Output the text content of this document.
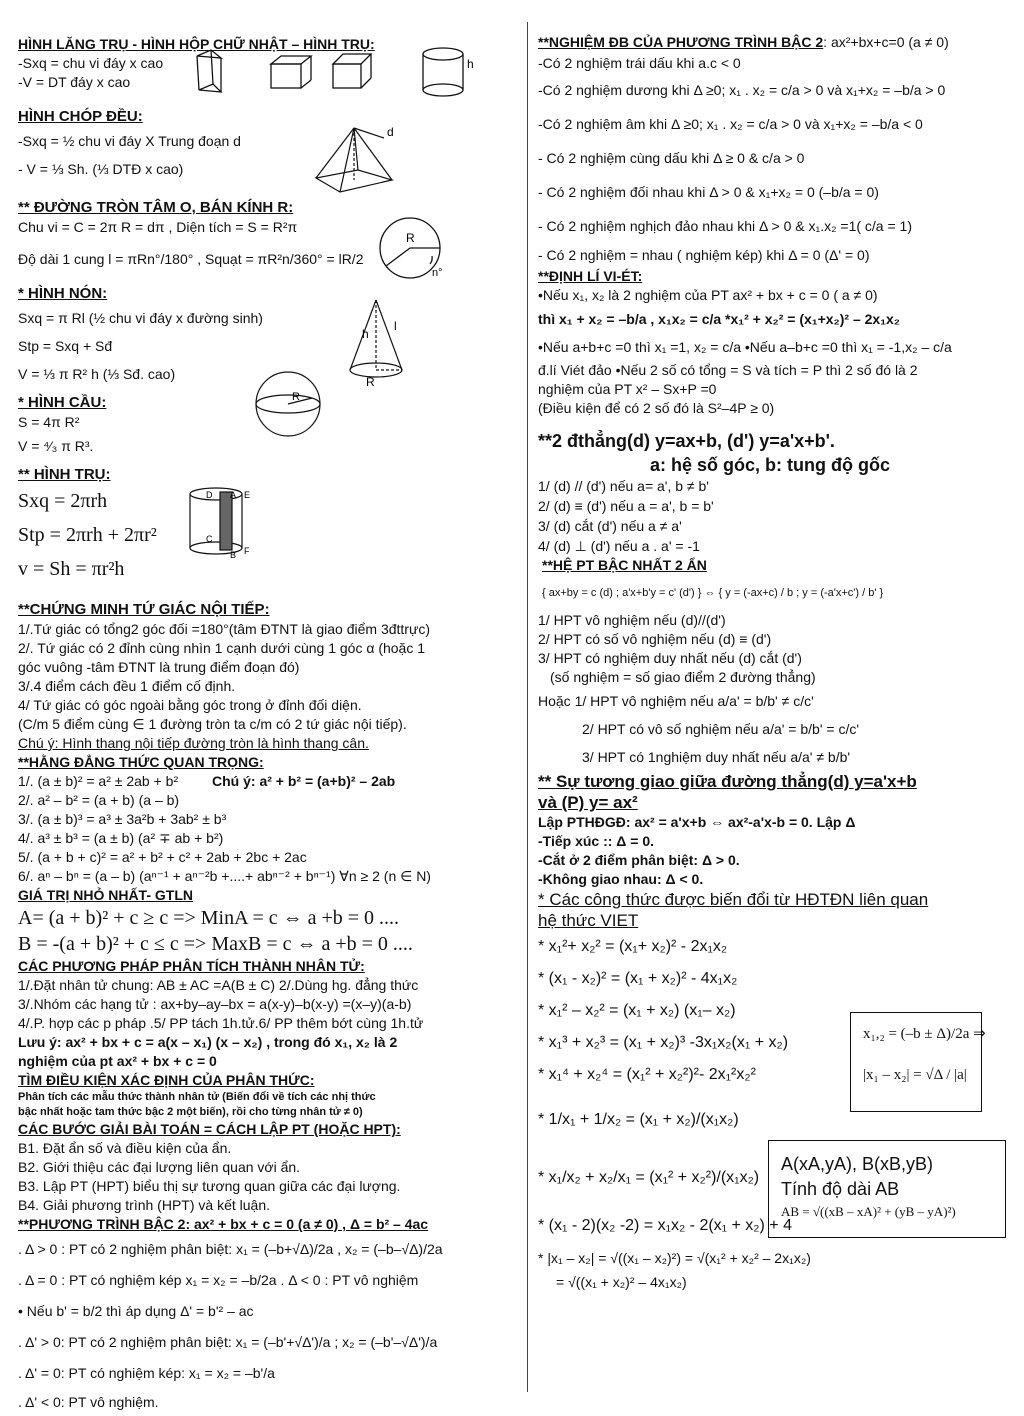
HÌNH LĂNG TRỤ - HÌNH HỘP CHỮ NHẬT – HÌNH TRỤ:
-Sxq = chu vi đáy x cao
-V = DT đáy x cao
HÌNH CHÓP ĐỀU:
-Sxq = ½ chu vi đáy X Trung đoạn d
- V = ⅓ Sh. (⅓ DTĐ x cao)
** ĐƯỜNG TRÒN TÂM O, BÁN KÍNH R:
Chu vi = C = 2π R = dπ , Diện tích = S = R²π
Độ dài 1 cung l = πRn°/180° , Squạt = πR²n/360° = lR/2
* HÌNH NÓN:
Sxq = π Rl (½ chu vi đáy x đường sinh)
Stp = Sxq + Sđ
V = ⅓ π R² h (⅓ Sđ. cao)
* HÌNH CẦU:
S = 4π R²
V = ⁴⁄₃ π R³.
** HÌNH TRỤ:
Sxq = 2πrh
Stp = 2πrh + 2πr²
v = Sh = πr²h
**CHỨNG MINH TỨ GIÁC NỘI TIẾP:
1/.Tứ giác có tổng2 góc đối =180°(tâm ĐTNT là giao điểm 3đttrực)
2/. Tứ giác có 2 đỉnh cùng nhìn 1 cạnh dưới cùng 1 góc α (hoặc 1
góc vuông -tâm ĐTNT là trung điểm đoạn đó)
3/.4 điểm cách đều 1 điểm cố định.
4/ Tứ giác có góc ngoài bằng góc trong ở đỉnh đối diện.
(C/m 5 điểm cùng ∈ 1 đường tròn ta c/m có 2 tứ giác nội tiếp).
Chú ý: Hình thang nội tiếp đường tròn là hình thang cân.
**HẰNG ĐẲNG THỨC QUAN TRỌNG:
1/. (a ± b)² = a² ± 2ab + b² Chú ý: a² + b² = (a+b)² – 2ab
2/. a² – b² = (a + b) (a – b)
3/. (a ± b)³ = a³ ± 3a²b + 3ab² ± b³
4/. a³ ± b³ = (a ± b) (a² ∓ ab + b²)
5/. (a + b + c)² = a² + b² + c² + 2ab + 2bc + 2ac
6/. aⁿ – bⁿ = (a – b) (aⁿ⁻¹ + aⁿ⁻²b +....+ abⁿ⁻² + bⁿ⁻¹) ∀n ≥ 2 (n ∈ N)
GIÁ TRỊ NHỎ NHẤT- GTLN
A= (a + b)² + c ≥ c => MinA = c ⇔ a +b = 0 ....
B = -(a + b)² + c ≤ c => MaxB = c ⇔ a +b = 0 ....
CÁC PHƯƠNG PHÁP PHÂN TÍCH THÀNH NHÂN TỬ:
1/.Đặt nhân tử chung: AB ± AC =A(B ± C) 2/.Dùng hg. đẳng thức
3/.Nhóm các hạng tử : ax+by–ay–bx = a(x-y)–b(x-y) =(x–y)(a-b)
4/.P. hợp các p pháp .5/ PP tách 1h.tử.6/ PP thêm bớt cùng 1h.tử
Lưu ý: ax² + bx + c = a(x – x₁) (x – x₂) , trong đó x₁, x₂ là 2
nghiệm của pt ax² + bx + c = 0
TÌM ĐIỀU KIỆN XÁC ĐỊNH CỦA PHÂN THỨC:
Phân tích các mẫu thức thành nhân tử (Biến đổi về tích các nhị thức
bậc nhất hoặc tam thức bậc 2 một biến), rồi cho từng nhân tử ≠ 0)
CÁC BƯỚC GIẢI BÀI TOÁN = CÁCH LẬP PT (HOẶC HPT):
B1. Đặt ẩn số và điều kiện của ẩn.
B2. Giới thiệu các đại lượng liên quan với ẩn.
B3. Lập PT (HPT) biểu thị sự tương quan giữa các đại lượng.
B4. Giải phương trình (HPT) và kết luận.
**PHƯƠNG TRÌNH BẬC 2: ax² + bx + c = 0 (a ≠ 0) , Δ = b² – 4ac
. Δ > 0 : PT có 2 nghiệm phân biệt: x₁ = (–b+√Δ)/2a , x₂ = (–b–√Δ)/2a
. Δ = 0 : PT có nghiệm kép x₁ = x₂ = –b/2a . Δ < 0 : PT vô nghiệm
• Nếu b' = b/2 thì áp dụng Δ' = b'² – ac
. Δ' > 0: PT có 2 nghiệm phân biệt: x₁ = (–b'+√Δ')/a ; x₂ = (–b'–√Δ')/a
. Δ' = 0: PT có nghiệm kép: x₁ = x₂ = –b'/a
. Δ' < 0: PT vô nghiệm.
h
d
R
n°
h
l
R
R
D A E
C
B F
**NGHIỆM ĐB CỦA PHƯƠNG TRÌNH BẬC 2: ax²+bx+c=0 (a ≠ 0)
-Có 2 nghiệm trái dấu khi a.c < 0
-Có 2 nghiệm dương khi Δ ≥0; x₁ . x₂ = c/a > 0 và x₁+x₂ = –b/a > 0
-Có 2 nghiệm âm khi Δ ≥0; x₁ . x₂ = c/a > 0 và x₁+x₂ = –b/a < 0
- Có 2 nghiệm cùng dấu khi Δ ≥ 0 & c/a > 0
- Có 2 nghiệm đối nhau khi Δ > 0 & x₁+x₂ = 0 (–b/a = 0)
- Có 2 nghiệm nghịch đảo nhau khi Δ > 0 & x₁.x₂ =1( c/a = 1)
- Có 2 nghiệm = nhau ( nghiệm kép) khi Δ = 0 (Δ' = 0)
**ĐỊNH LÍ VI-ÉT:
•Nếu x₁, x₂ là 2 nghiệm của PT ax² + bx + c = 0 ( a ≠ 0)
thì x₁ + x₂ = –b/a , x₁x₂ = c/a *x₁² + x₂² = (x₁+x₂)² – 2x₁x₂
•Nếu a+b+c =0 thì x₁ =1, x₂ = c/a •Nếu a–b+c =0 thì x₁ = -1,x₂ – c/a
đ.lí Viét đảo •Nếu 2 số có tổng = S và tích = P thì 2 số đó là 2
nghiệm của PT x² – Sx+P =0
(Điều kiện để có 2 số đó là S²–4P ≥ 0)
**2 đthẳng(d) y=ax+b, (d') y=a'x+b'.
a: hệ số góc, b: tung độ gốc
1/ (d) // (d') nếu a= a', b ≠ b'
2/ (d) ≡ (d') nếu a = a', b = b'
3/ (d) cắt (d') nếu a ≠ a'
4/ (d) ⊥ (d') nếu a . a' = -1
**HỆ PT BẬC NHẤT 2 ẨN
{ ax+by = c (d) ; a'x+b'y = c' (d') } ⇔ { y = (-ax+c) / b ; y = (-a'x+c') / b' }
1/ HPT vô nghiệm nếu (d)//(d')
2/ HPT có số vô nghiệm nếu (d) ≡ (d')
3/ HPT có nghiệm duy nhất nếu (d) cắt (d')
(số nghiệm = số giao điểm 2 đường thẳng)
Hoặc 1/ HPT vô nghiệm nếu a/a' = b/b' ≠ c/c'
2/ HPT có vô số nghiệm nếu a/a' = b/b' = c/c'
3/ HPT có 1nghiệm duy nhất nếu a/a' ≠ b/b'
** Sự tương giao giữa đường thẳng(d) y=a'x+b
và (P) y= ax²
Lập PTHĐGĐ: ax² = a'x+b ⇔ ax²-a'x-b = 0. Lập Δ
-Tiếp xúc :: Δ = 0.
-Cắt ở 2 điểm phân biệt: Δ > 0.
-Không giao nhau: Δ < 0.
* Các công thức được biến đổi từ HĐTĐN liên quan
hệ thức VIET
* x₁²+ x₂² = (x₁+ x₂)² - 2x₁x₂
* (x₁ - x₂)² = (x₁ + x₂)² - 4x₁x₂
* x₁² – x₂² = (x₁ + x₂) (x₁– x₂)
* x₁³ + x₂³ = (x₁ + x₂)³ -3x₁x₂(x₁ + x₂)
* x₁⁴ + x₂⁴ = (x₁² + x₂²)²- 2x₁²x₂²
* 1/x₁ + 1/x₂ = (x₁ + x₂)/(x₁x₂)
* x₁/x₂ + x₂/x₁ = (x₁² + x₂²)/(x₁x₂)
* (x₁ - 2)(x₂ -2) = x₁x₂ - 2(x₁ + x₂) + 4
* |x₁ – x₂| = √((x₁ – x₂)²) = √(x₁² + x₂² – 2x₁x₂)
= √((x₁ + x₂)² – 4x₁x₂)
x₁,₂ = (–b ± Δ)/2a ⇒
|x₁ – x₂| = √Δ / |a|
A(xA,yA), B(xB,yB)
Tính độ dài AB
AB = √((xB – xA)² + (yB – yA)²)
